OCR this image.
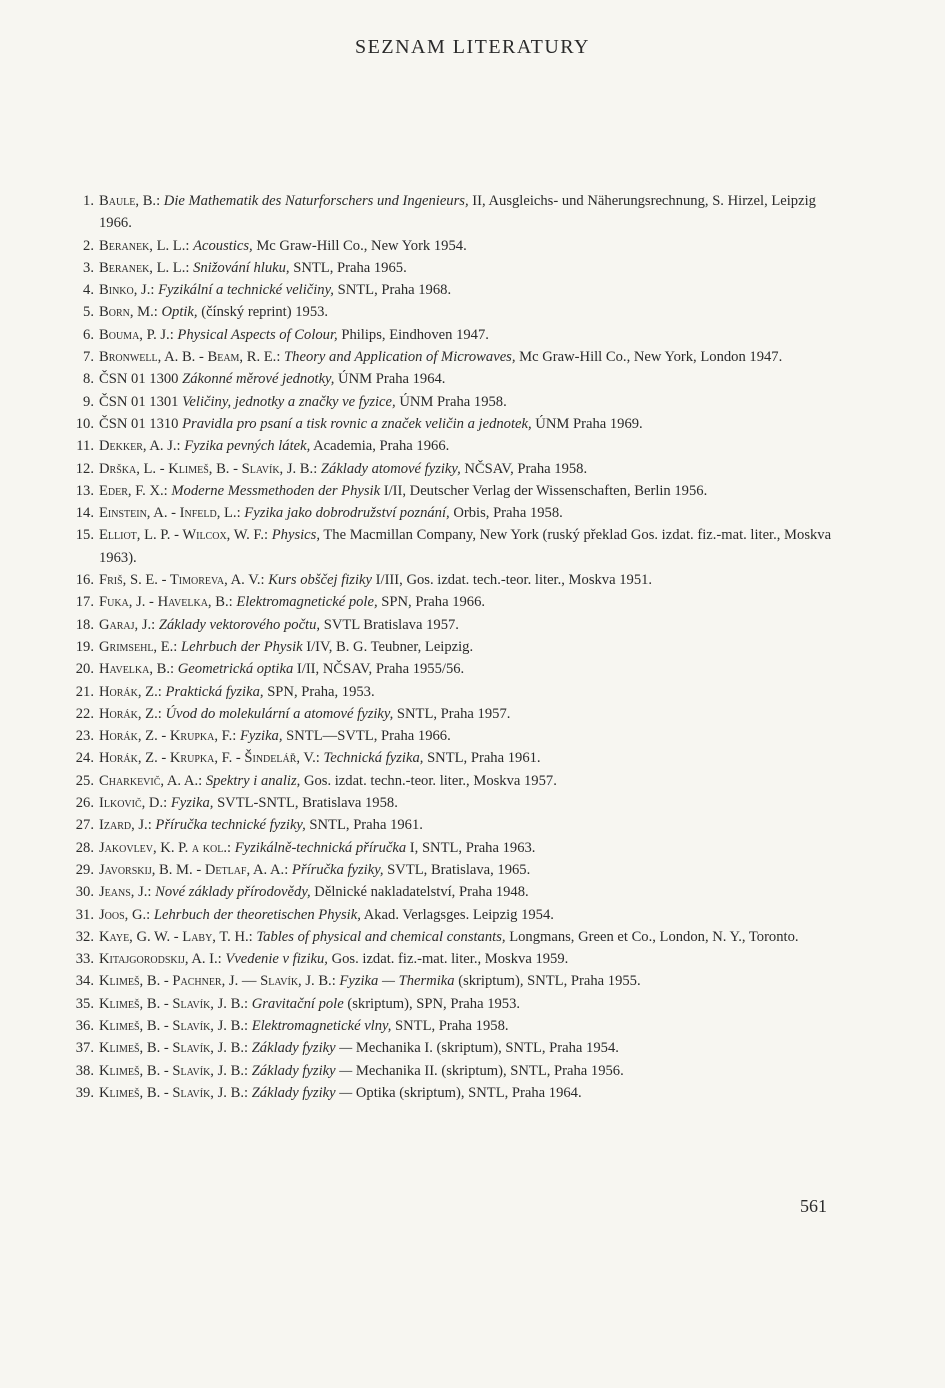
SEZNAM LITERATURY
1. Baule, B.: Die Mathematik des Naturforschers und Ingenieurs, II, Ausgleichs- und Näherungsrechnung, S. Hirzel, Leipzig 1966.
2. Beranek, L. L.: Acoustics, Mc Graw-Hill Co., New York 1954.
3. Beranek, L. L.: Snižování hluku, SNTL, Praha 1965.
4. Binko, J.: Fyzikální a technické veličiny, SNTL, Praha 1968.
5. Born, M.: Optik, (čínský reprint) 1953.
6. Bouma, P. J.: Physical Aspects of Colour, Philips, Eindhoven 1947.
7. Bronwell, A. B. - Beam, R. E.: Theory and Application of Microwaves, Mc Graw-Hill Co., New York, London 1947.
8. ČSN 01 1300 Zákonné měrové jednotky, ÚNM Praha 1964.
9. ČSN 01 1301 Veličiny, jednotky a značky ve fyzice, ÚNM Praha 1958.
10. ČSN 01 1310 Pravidla pro psaní a tisk rovnic a značek veličin a jednotek, ÚNM Praha 1969.
11. Dekker, A. J.: Fyzika pevných látek, Academia, Praha 1966.
12. Drška, L. - Klimeš, B. - Slavík, J. B.: Základy atomové fyziky, NČSAV, Praha 1958.
13. Eder, F. X.: Moderne Messmethoden der Physik I/II, Deutscher Verlag der Wissenschaften, Berlin 1956.
14. Einstein, A. - Infeld, L.: Fyzika jako dobrodružství poznání, Orbis, Praha 1958.
15. Elliot, L. P. - Wilcox, W. F.: Physics, The Macmillan Company, New York (ruský překlad Gos. izdat. fiz.-mat. liter., Moskva 1963).
16. Friš, S. E. - Timoreva, A. V.: Kurs obščej fiziky I/III, Gos. izdat. tech.-teor. liter., Moskva 1951.
17. Fuka, J. - Havelka, B.: Elektromagnetické pole, SPN, Praha 1966.
18. Garaj, J.: Základy vektorového počtu, SVTL Bratislava 1957.
19. Grimsehl, E.: Lehrbuch der Physik I/IV, B. G. Teubner, Leipzig.
20. Havelka, B.: Geometrická optika I/II, NČSAV, Praha 1955/56.
21. Horák, Z.: Praktická fyzika, SPN, Praha, 1953.
22. Horák, Z.: Úvod do molekulární a atomové fyziky, SNTL, Praha 1957.
23. Horák, Z. - Krupka, F.: Fyzika, SNTL—SVTL, Praha 1966.
24. Horák, Z. - Krupka, F. - Šindelář, V.: Technická fyzika, SNTL, Praha 1961.
25. Charkevič, A. A.: Spektry i analiz, Gos. izdat. techn.-teor. liter., Moskva 1957.
26. Ilkovič, D.: Fyzika, SVTL-SNTL, Bratislava 1958.
27. Izard, J.: Příručka technické fyziky, SNTL, Praha 1961.
28. Jakovlev, K. P. a kol.: Fyzikálně-technická příručka I, SNTL, Praha 1963.
29. Javorskij, B. M. - Detlaf, A. A.: Příručka fyziky, SVTL, Bratislava, 1965.
30. Jeans, J.: Nové základy přírodovědy, Dělnické nakladatelství, Praha 1948.
31. Joos, G.: Lehrbuch der theoretischen Physik, Akad. Verlagsges. Leipzig 1954.
32. Kaye, G. W. - Laby, T. H.: Tables of physical and chemical constants, Longmans, Green et Co., London, N. Y., Toronto.
33. Kitajgorodskij, A. I.: Vvedenie v fiziku, Gos. izdat. fiz.-mat. liter., Moskva 1959.
34. Klimeš, B. - Pachner, J. — Slavík, J. B.: Fyzika — Thermika (skriptum), SNTL, Praha 1955.
35. Klimeš, B. - Slavík, J. B.: Gravitační pole (skriptum), SPN, Praha 1953.
36. Klimeš, B. - Slavík, J. B.: Elektromagnetické vlny, SNTL, Praha 1958.
37. Klimeš, B. - Slavík, J. B.: Základy fyziky — Mechanika I. (skriptum), SNTL, Praha 1954.
38. Klimeš, B. - Slavík, J. B.: Základy fyziky — Mechanika II. (skriptum), SNTL, Praha 1956.
39. Klimeš, B. - Slavík, J. B.: Základy fyziky — Optika (skriptum), SNTL, Praha 1964.
561
